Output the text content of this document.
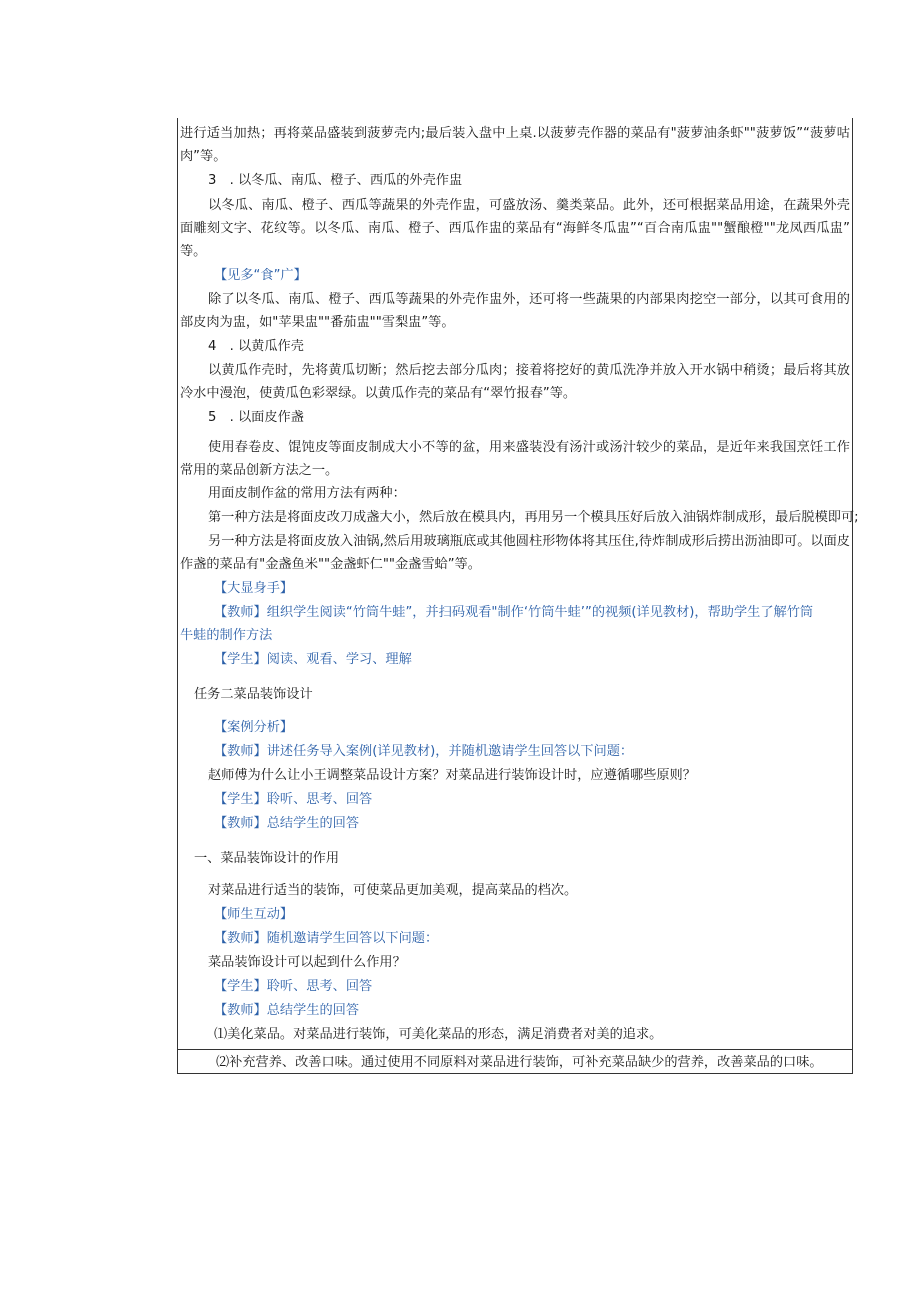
进行适当加热；再将菜品盛装到菠萝壳内;最后装入盘中上桌.以菠萝壳作器的菜品有"菠萝油条虾""菠萝饭”“菠萝咕
肉”等。
3　. 以冬瓜、南瓜、橙子、西瓜的外壳作盅
以冬瓜、南瓜、橙子、西瓜等蔬果的外壳作盅，可盛放汤、羹类菜品。此外，还可根据菜品用途，在蔬果外壳
面雕刻文字、花纹等。以冬瓜、南瓜、橙子、西瓜作盅的菜品有“海鲜冬瓜盅”“百合南瓜盅""蟹酿橙""龙凤西瓜盅”
等。
【见多“食”广】
除了以冬瓜、南瓜、橙子、西瓜等蔬果的外壳作盅外，还可将一些蔬果的内部果肉挖空一部分，以其可食用的
部皮肉为盅，如"苹果盅""番茄盅""雪梨盅”等。
4　. 以黄瓜作壳
以黄瓜作壳时，先将黄瓜切断；然后挖去部分瓜肉；接着将挖好的黄瓜洗净并放入开水锅中稍烫；最后将其放
冷水中漫泡，使黄瓜色彩翠绿。以黄瓜作壳的菜品有“翠竹报春”等。
5　. 以面皮作盏
使用春卷皮、馄饨皮等面皮制成大小不等的盆，用来盛装没有汤汁或汤汁较少的菜品，是近年来我国烹饪工作
常用的菜品创新方法之一。
用面皮制作盆的常用方法有两种：
第一种方法是将面皮改刀成盏大小，然后放在模具内，再用另一个模具压好后放入油锅炸制成形，最后脱模即可;
另一种方法是将面皮放入油锅,然后用玻璃瓶底或其他圆柱形物体将其压住,待炸制成形后捞出沥油即可。以面皮
作盏的菜品有"金盏鱼米""金盏虾仁""金盏雪蛤”等。
【大显身手】
【教师】组织学生阅读“竹筒牛蛙”，并扫码观看"制作‘竹筒牛蛙’”的视频(详见教材)，帮助学生了解竹筒
牛蛙的制作方法
【学生】阅读、观看、学习、理解
任务二菜品装饰设计
【案例分析】
【教师】讲述任务导入案例(详见教材)，并随机邀请学生回答以下问题：
赵师傅为什么让小王调整菜品设计方案？对菜品进行装饰设计时，应遵循哪些原则？
【学生】聆听、思考、回答
【教师】总结学生的回答
一、菜品装饰设计的作用
对菜品进行适当的装饰，可使菜品更加美观，提高菜品的档次。
【师生互动】
【教师】随机邀请学生回答以下问题：
菜品装饰设计可以起到什么作用？
【学生】聆听、思考、回答
【教师】总结学生的回答
⑴美化菜品。对菜品进行装饰，可美化菜品的形态，满足消费者对美的追求。
⑵补充营养、改善口味。通过使用不同原料对菜品进行装饰，可补充菜品缺少的营养，改善菜品的口味。
